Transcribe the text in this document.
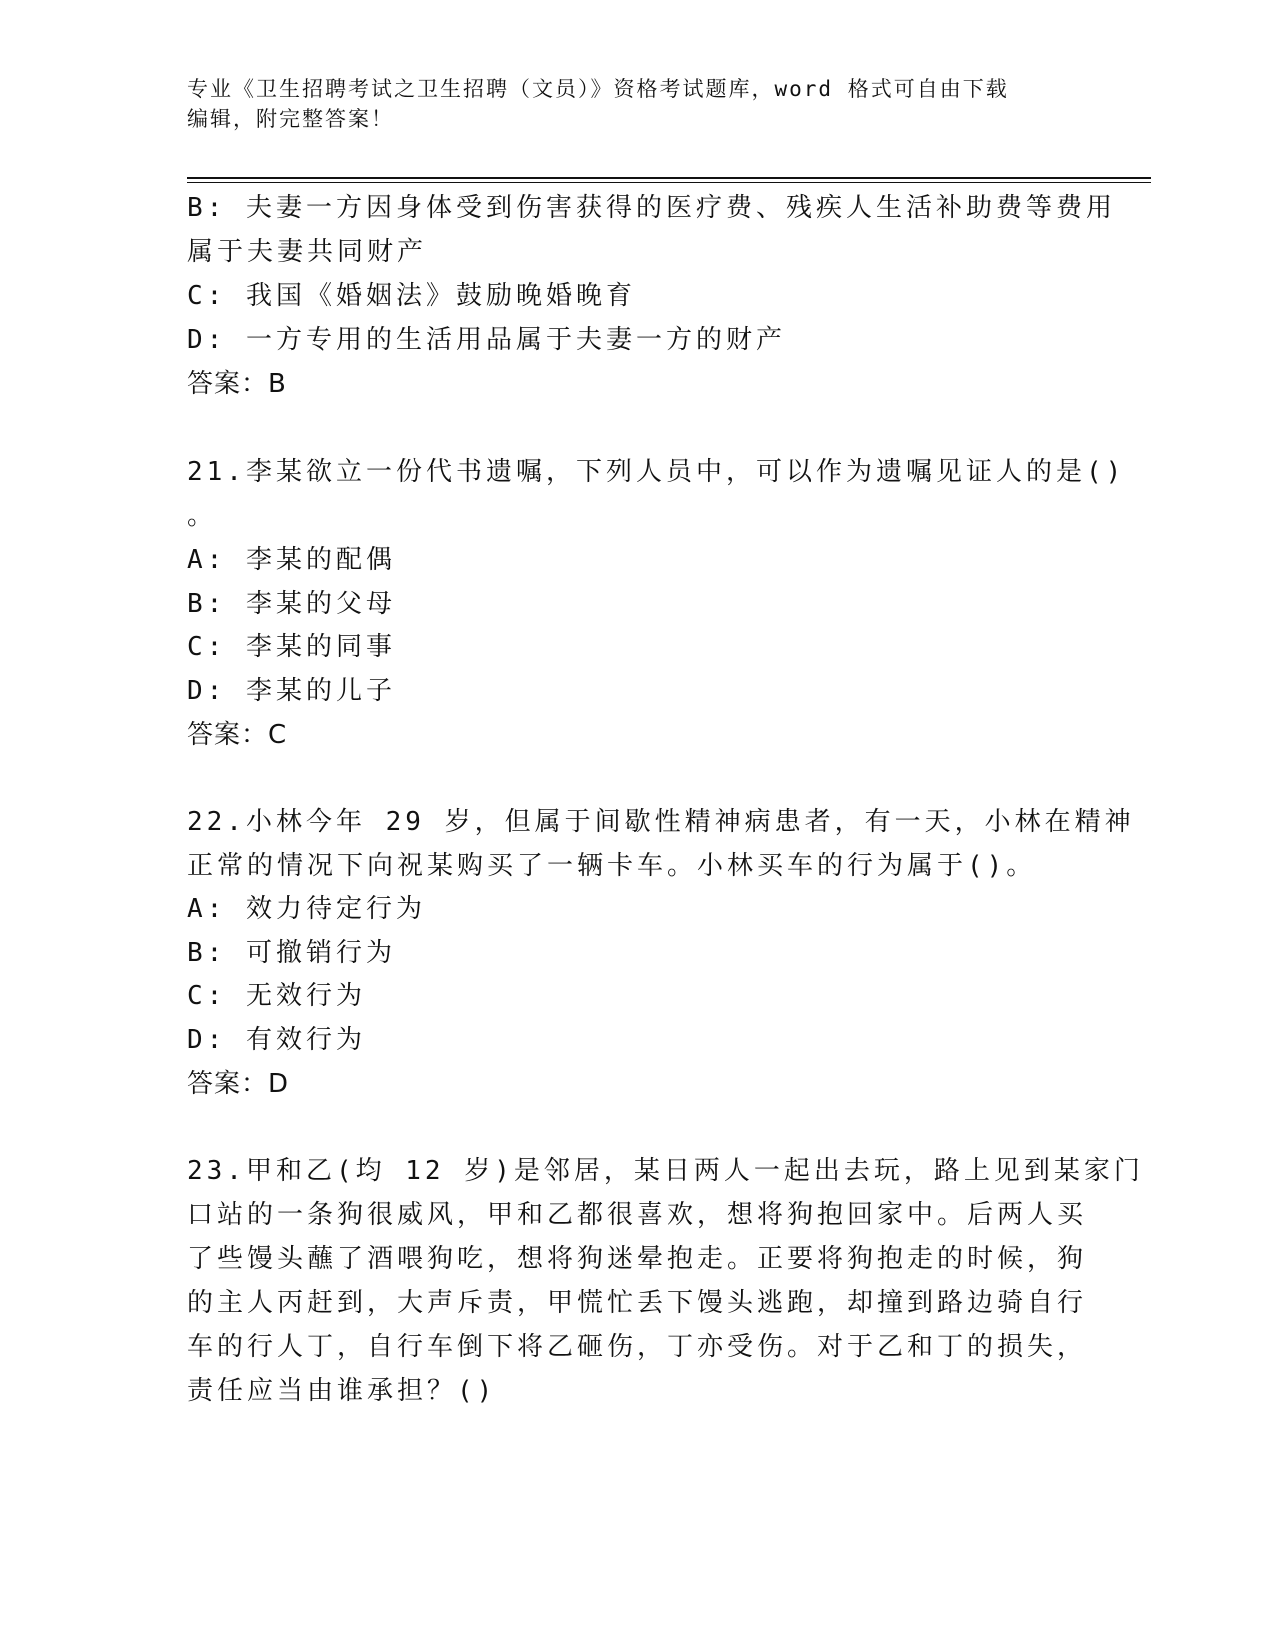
专业《卫生招聘考试之卫生招聘（文员）》资格考试题库，word 格式可自由下载
编辑，附完整答案！
B: 夫妻一方因身体受到伤害获得的医疗费、残疾人生活补助费等费用
属于夫妻共同财产
C: 我国《婚姻法》鼓励晚婚晚育
D: 一方专用的生活用品属于夫妻一方的财产
答案：B
21.李某欲立一份代书遗嘱，下列人员中，可以作为遗嘱见证人的是()
。
A: 李某的配偶
B: 李某的父母
C: 李某的同事
D: 李某的儿子
答案：C
22.小林今年 29 岁，但属于间歇性精神病患者，有一天，小林在精神
正常的情况下向祝某购买了一辆卡车。小林买车的行为属于()。
A: 效力待定行为
B: 可撤销行为
C: 无效行为
D: 有效行为
答案：D
23.甲和乙(均 12 岁)是邻居，某日两人一起出去玩，路上见到某家门
口站的一条狗很威风，甲和乙都很喜欢，想将狗抱回家中。后两人买
了些馒头蘸了酒喂狗吃，想将狗迷晕抱走。正要将狗抱走的时候，狗
的主人丙赶到，大声斥责，甲慌忙丢下馒头逃跑，却撞到路边骑自行
车的行人丁，自行车倒下将乙砸伤，丁亦受伤。对于乙和丁的损失，
责任应当由谁承担？()
